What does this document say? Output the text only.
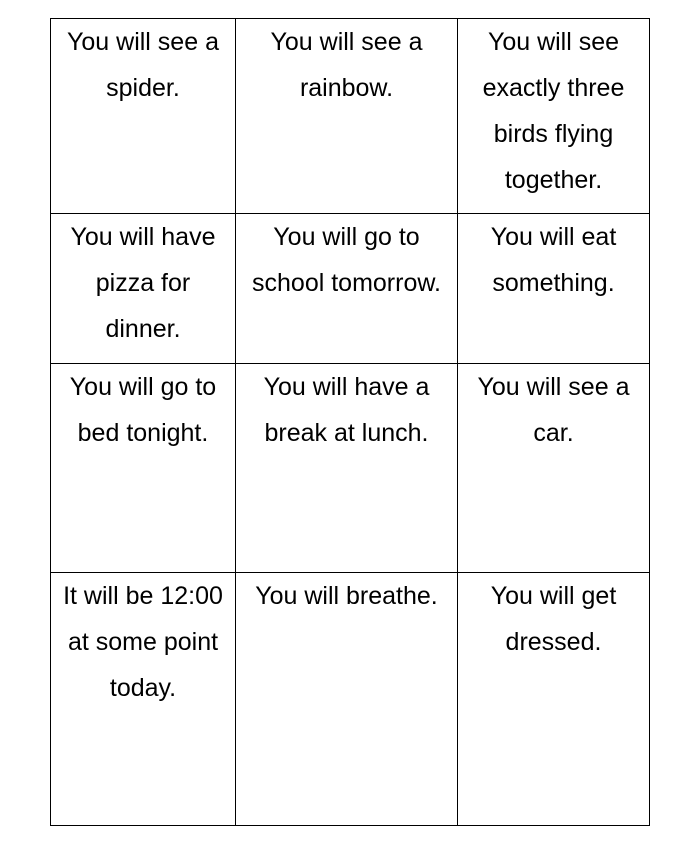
You will see a spider.	You will see a rainbow.	You will see exactly three birds flying together.

You will have pizza for dinner.	You will go to school tomorrow.	You will eat something.

You will go to bed tonight.	You will have a break at lunch.	You will see a car.

It will be 12:00 at some point today.	You will breathe.	You will get dressed.
